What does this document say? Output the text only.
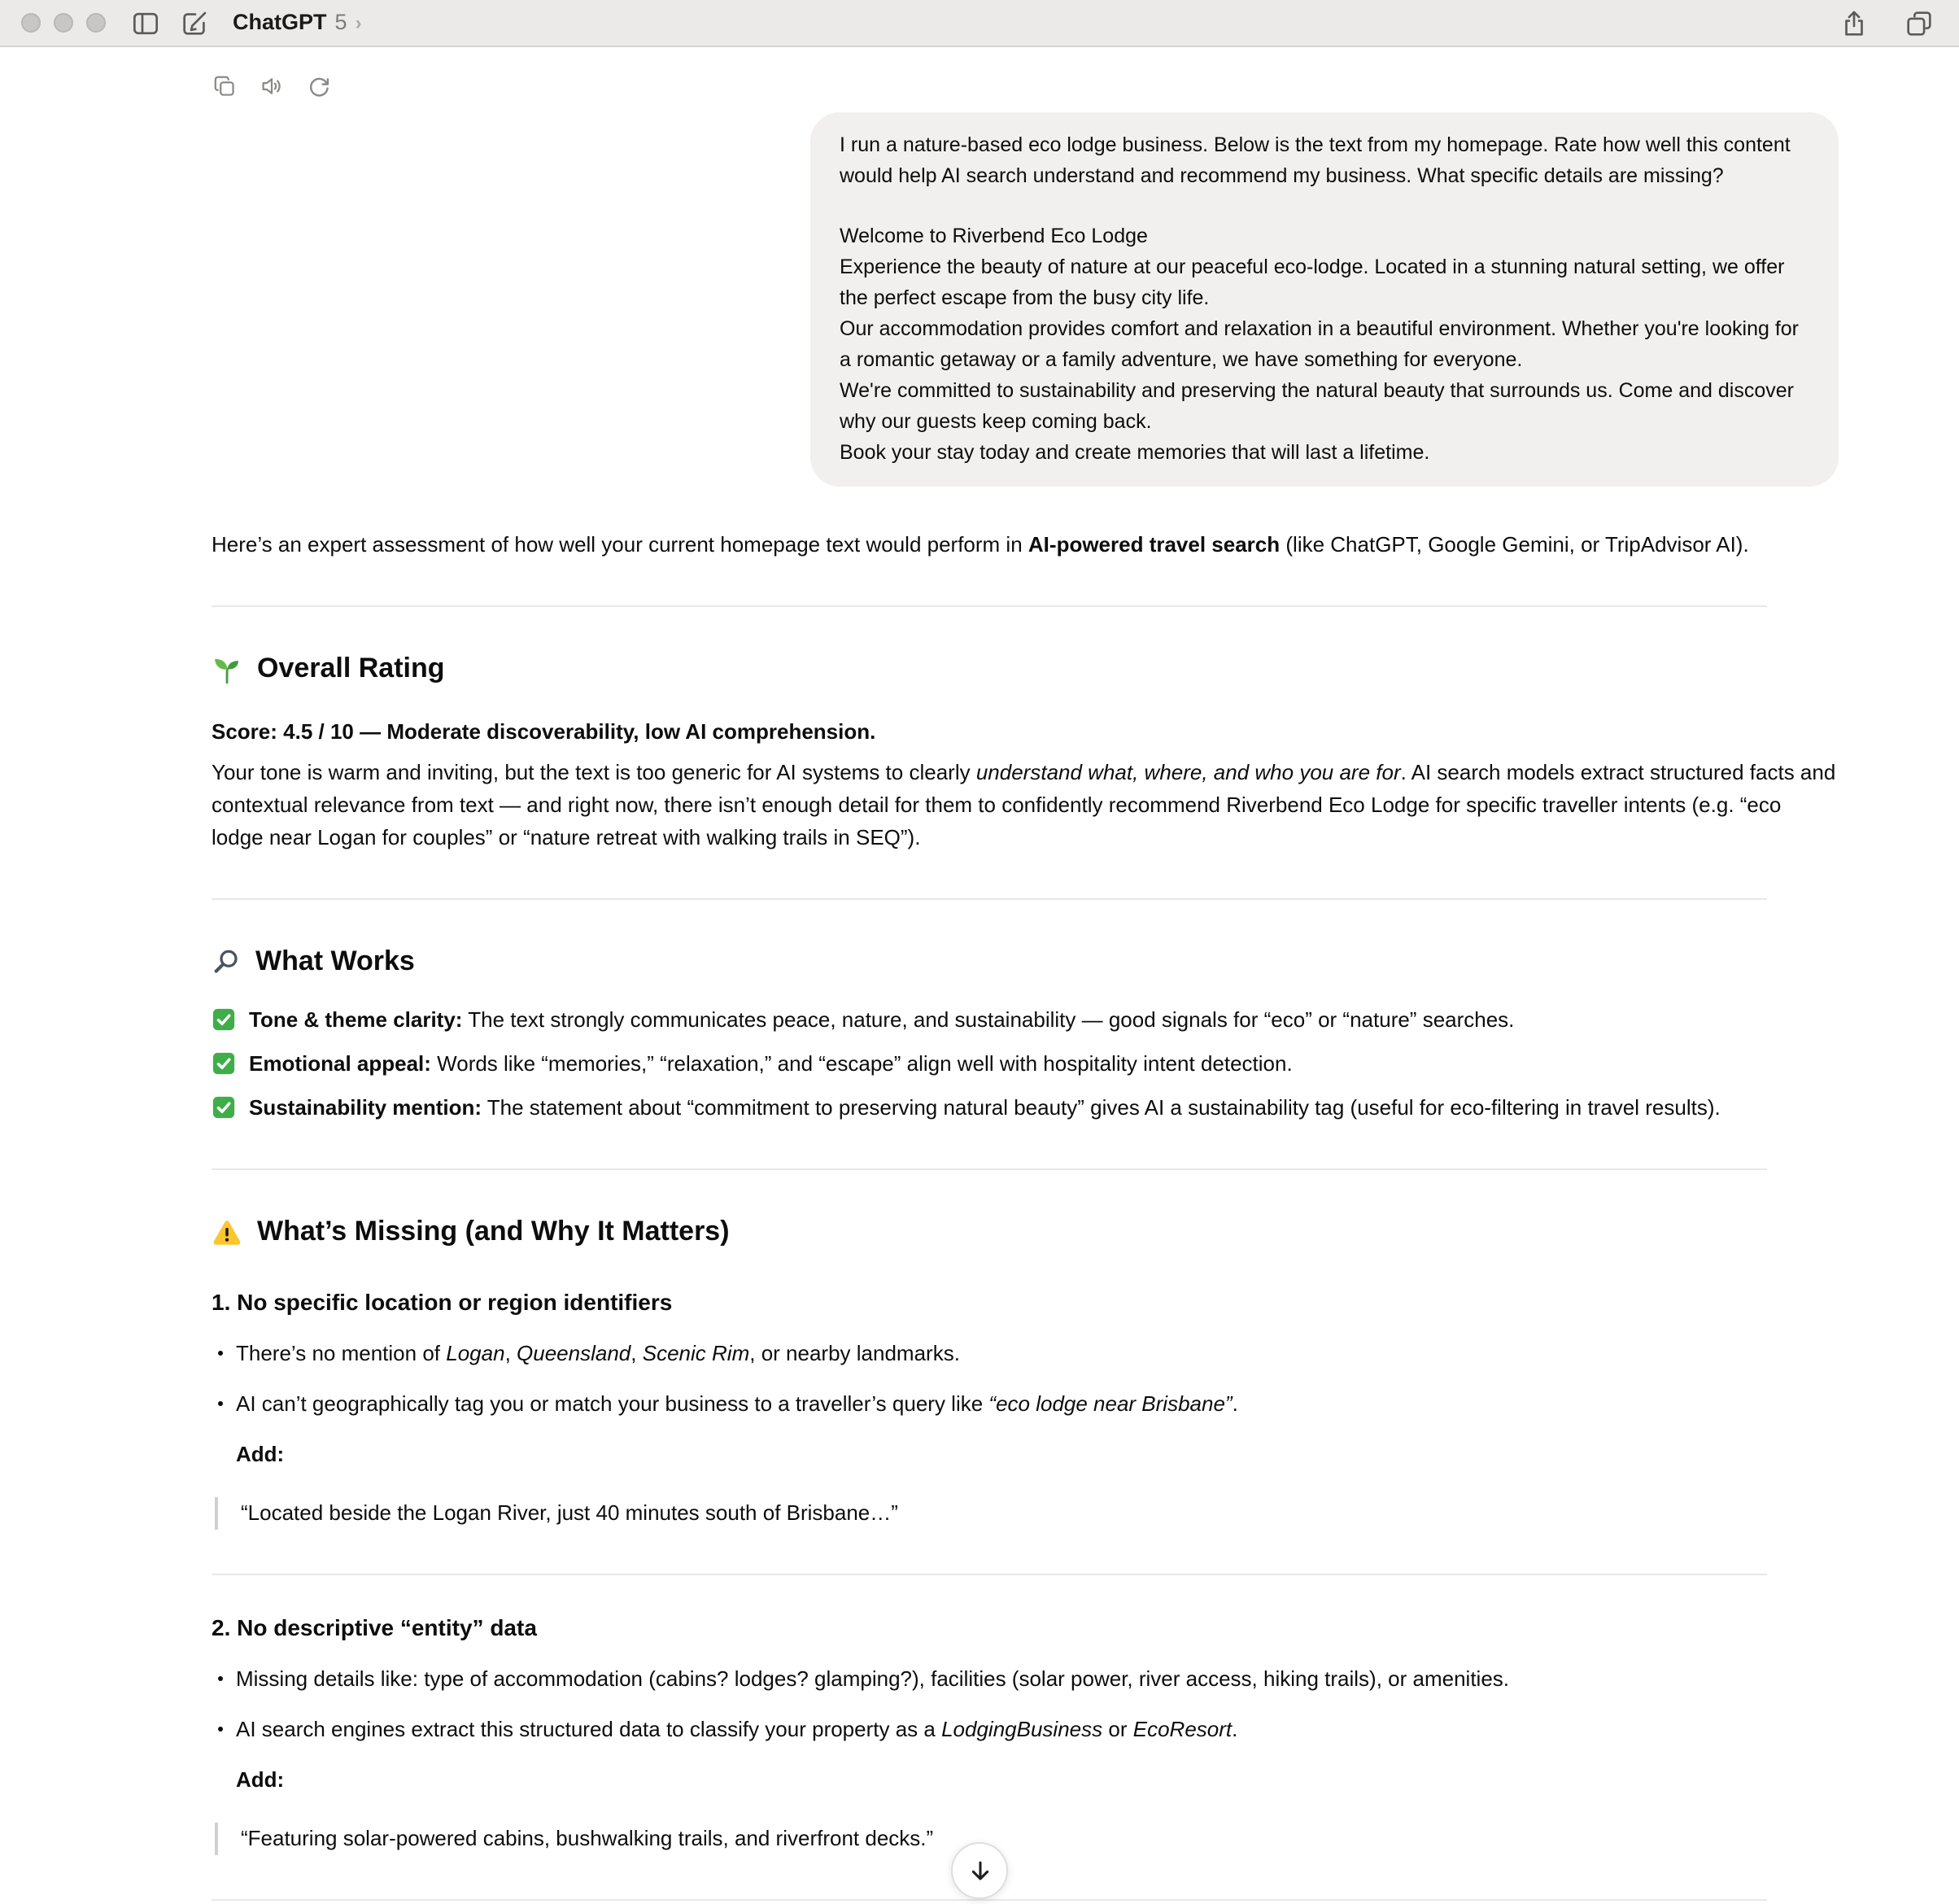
ChatGPT 5 ›

I run a nature-based eco lodge business. Below is the text from my homepage. Rate how well this content would help AI search understand and recommend my business. What specific details are missing?

Welcome to Riverbend Eco Lodge
Experience the beauty of nature at our peaceful eco-lodge. Located in a stunning natural setting, we offer the perfect escape from the busy city life.
Our accommodation provides comfort and relaxation in a beautiful environment. Whether you're looking for a romantic getaway or a family adventure, we have something for everyone.
We're committed to sustainability and preserving the natural beauty that surrounds us. Come and discover why our guests keep coming back.
Book your stay today and create memories that will last a lifetime.

Here’s an expert assessment of how well your current homepage text would perform in AI-powered travel search (like ChatGPT, Google Gemini, or TripAdvisor AI).

Overall Rating

Score: 4.5 / 10 — Moderate discoverability, low AI comprehension.

Your tone is warm and inviting, but the text is too generic for AI systems to clearly understand what, where, and who you are for. AI search models extract structured facts and contextual relevance from text — and right now, there isn’t enough detail for them to confidently recommend Riverbend Eco Lodge for specific traveller intents (e.g. “eco lodge near Logan for couples” or “nature retreat with walking trails in SEQ”).

What Works

Tone & theme clarity: The text strongly communicates peace, nature, and sustainability — good signals for “eco” or “nature” searches.

Emotional appeal: Words like “memories,” “relaxation,” and “escape” align well with hospitality intent detection.

Sustainability mention: The statement about “commitment to preserving natural beauty” gives AI a sustainability tag (useful for eco-filtering in travel results).

What’s Missing (and Why It Matters)
1. No specific location or region identifiers
There’s no mention of Logan, Queensland, Scenic Rim, or nearby landmarks.
AI can’t geographically tag you or match your business to a traveller’s query like “eco lodge near Brisbane”.
Add:
“Located beside the Logan River, just 40 minutes south of Brisbane…”
2. No descriptive “entity” data
Missing details like: type of accommodation (cabins? lodges? glamping?), facilities (solar power, river access, hiking trails), or amenities.
AI search engines extract this structured data to classify your property as a LodgingBusiness or EcoResort.
Add:
“Featuring solar-powered cabins, bushwalking trails, and riverfront decks.”
